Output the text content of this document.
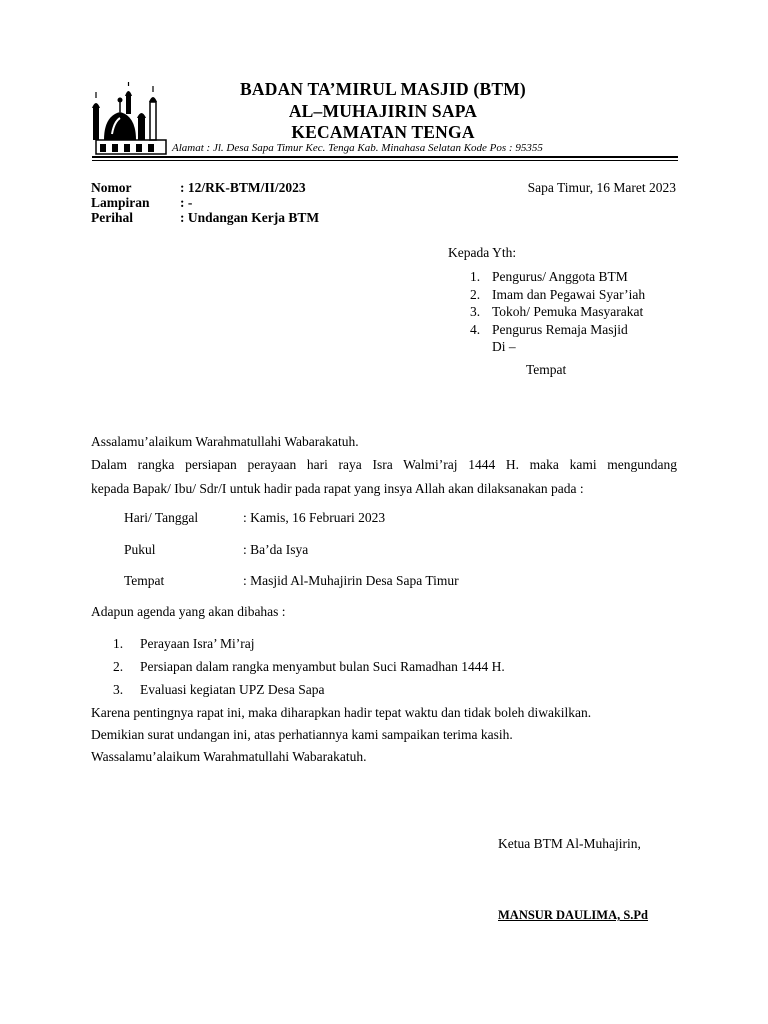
BADAN TA’MIRUL MASJID (BTM)
AL–MUHAJIRIN SAPA
KECAMATAN TENGA
Alamat : Jl. Desa Sapa Timur Kec. Tenga Kab. Minahasa Selatan Kode Pos : 95355
Nomor	: 12/RK-BTM/II/2023
Lampiran : -
Perihal	: Undangan Kerja BTM
Sapa Timur, 16 Maret 2023
Kepada Yth:
1. Pengurus/ Anggota BTM
2. Imam dan Pegawai Syar’iah
3. Tokoh/ Pemuka Masyarakat
4. Pengurus Remaja Masjid
Di –
Tempat
Assalamu’alaikum Warahmatullahi Wabarakatuh.
Dalam rangka persiapan perayaan hari raya Isra Walmi’raj 1444 H. maka kami mengundang
kepada Bapak/ Ibu/ Sdr/I untuk hadir pada rapat yang insya Allah akan dilaksanakan pada :
Hari/ Tanggal	: Kamis, 16 Februari 2023
Pukul	: Ba’da Isya
Tempat	: Masjid Al-Muhajirin Desa Sapa Timur
Adapun agenda yang akan dibahas :
1. Perayaan Isra’ Mi’raj
2. Persiapan dalam rangka menyambut bulan Suci Ramadhan 1444 H.
3. Evaluasi kegiatan UPZ Desa Sapa
Karena pentingnya rapat ini, maka diharapkan hadir tepat waktu dan tidak boleh diwakilkan.
Demikian surat undangan ini, atas perhatiannya kami sampaikan terima kasih.
Wassalamu’alaikum Warahmatullahi Wabarakatuh.
Ketua BTM Al-Muhajirin,
MANSUR DAULIMA, S.Pd
